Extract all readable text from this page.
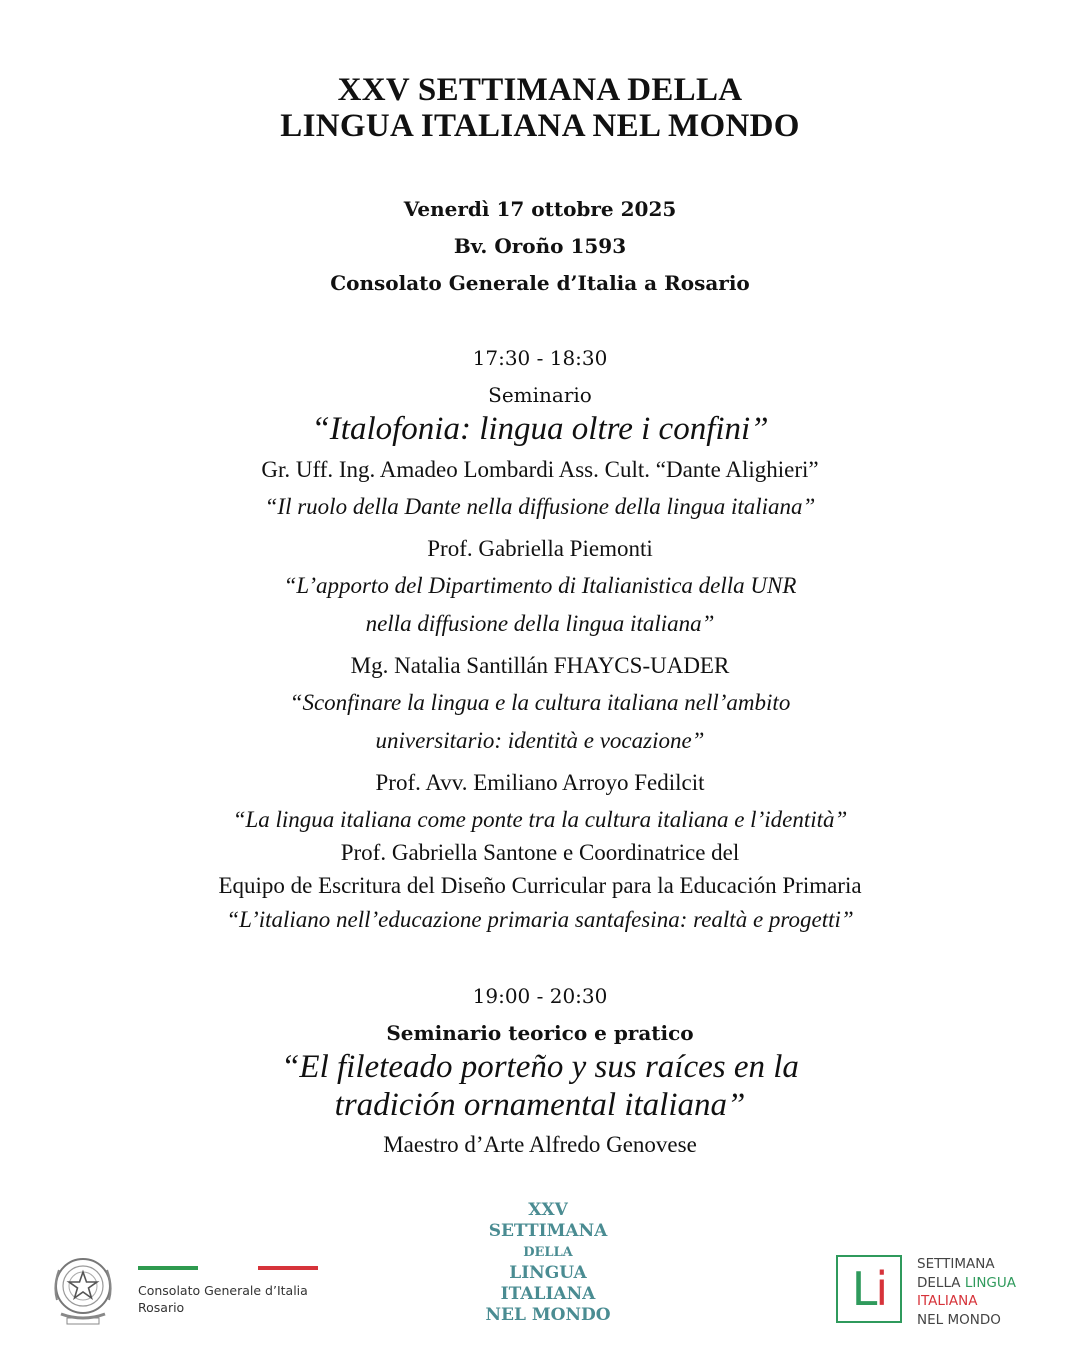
XXV SETTIMANA DELLA
LINGUA ITALIANA NEL MONDO
Venerdì 17 ottobre 2025
Bv. Oroño 1593
Consolato Generale d’Italia a Rosario
17:30 - 18:30
Seminario
“Italofonia: lingua oltre i confini”
Gr. Uff. Ing. Amadeo Lombardi Ass. Cult. “Dante Alighieri”
“Il ruolo della Dante nella diffusione della lingua italiana”
Prof. Gabriella Piemonti
“L’apporto del Dipartimento di Italianistica della UNR
nella diffusione della lingua italiana”
Mg. Natalia Santillán FHAYCS-UADER
“Sconfinare la lingua e la cultura italiana nell’ambito
universitario: identità e vocazione”
Prof. Avv. Emiliano Arroyo Fedilcit
“La lingua italiana come ponte tra la cultura italiana e l’identità”
Prof. Gabriella Santone e Coordinatrice del
Equipo de Escritura del Diseño Curricular para la Educación Primaria
“L’italiano nell’educazione primaria santafesina: realtà e progetti”
19:00 - 20:30
Seminario teorico e pratico
“El fileteado porteño y sus raíces en la
tradición ornamental italiana”
Maestro d’Arte Alfredo Genovese
Consolato Generale d’Italia
Rosario
XXV
SETTIMANA
DELLA
LINGUA
ITALIANA
NEL MONDO	Li	SETTIMANA
DELLA LINGUA
ITALIANA
NEL MONDO
